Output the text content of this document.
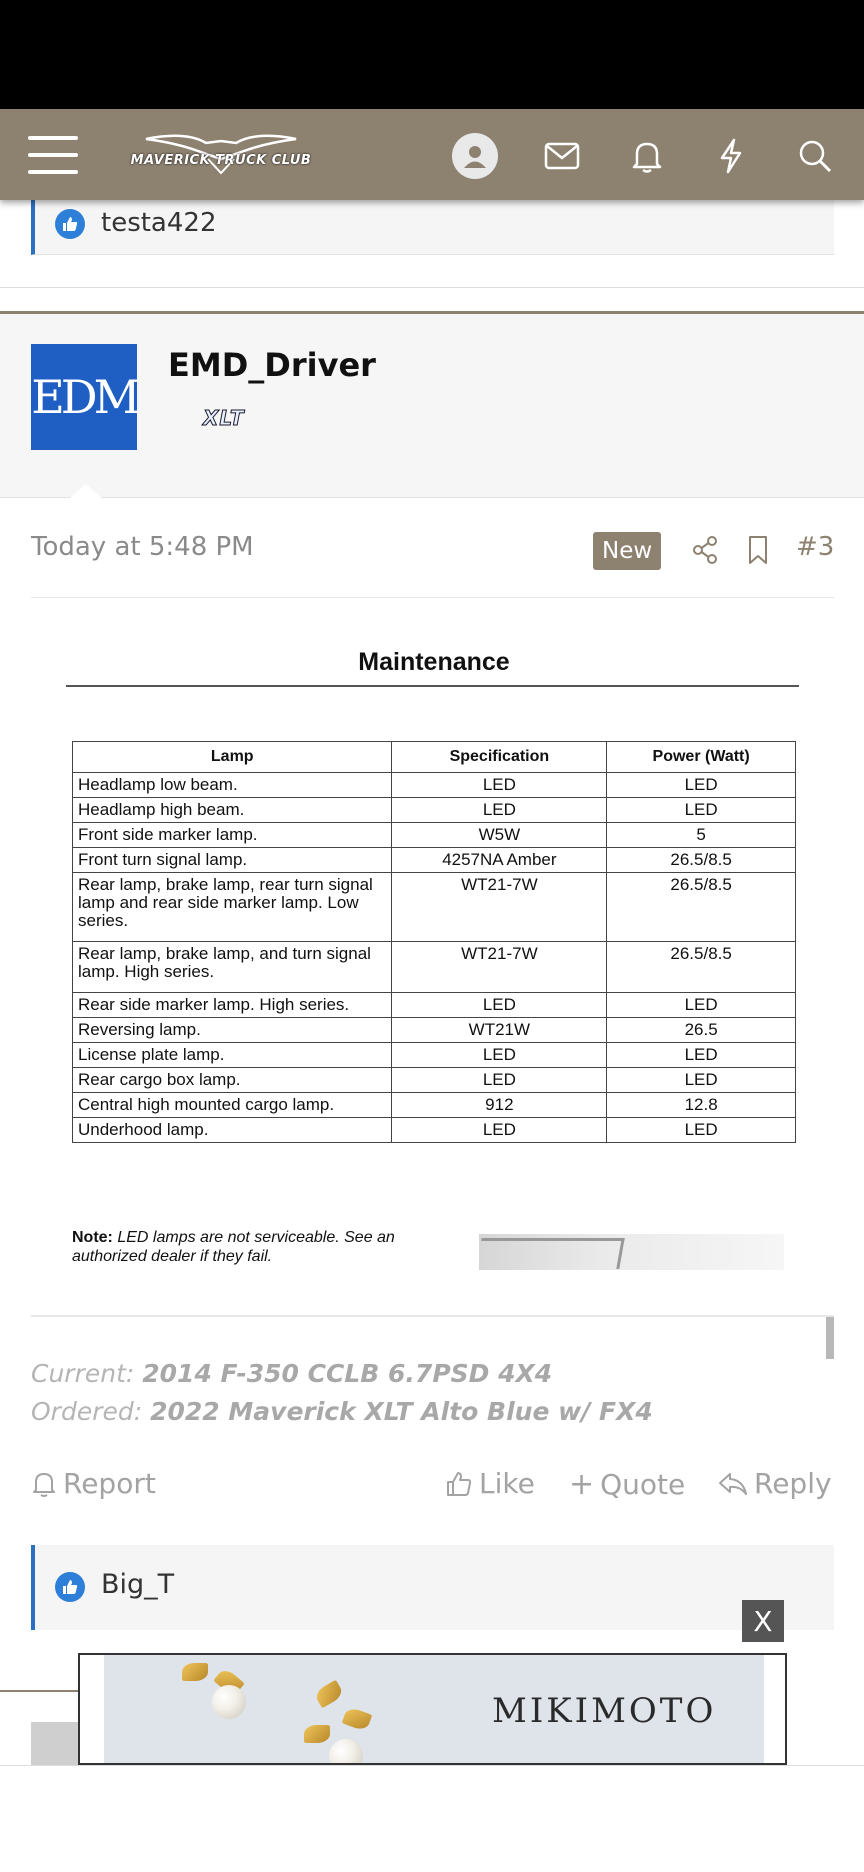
MAVERICK TRUCK CLUB
testa422
EDM
EMD_Driver
XLT
Today at 5:48 PM	New	#3
Maintenance
Lamp	Specification	Power (Watt)
Headlamp low beam.	LED	LED
Headlamp high beam.	LED	LED
Front side marker lamp.	W5W	5
Front turn signal lamp.	4257NA Amber	26.5/8.5
Rear lamp, brake lamp, rear turn signal lamp and rear side marker lamp. Low series.	WT21-7W	26.5/8.5
Rear lamp, brake lamp, and turn signal lamp. High series.	WT21-7W	26.5/8.5
Rear side marker lamp. High series.	LED	LED
Reversing lamp.	WT21W	26.5
License plate lamp.	LED	LED
Rear cargo box lamp.	LED	LED
Central high mounted cargo lamp.	912	12.8
Underhood lamp.	LED	LED
Note: LED lamps are not serviceable. See an authorized dealer if they fail.
Current: 2014 F-350 CCLB 6.7PSD 4X4
Ordered: 2022 Maverick XLT Alto Blue w/ FX4
Report	Like + Quote Reply
Big_T
X
MIKIMOTO
